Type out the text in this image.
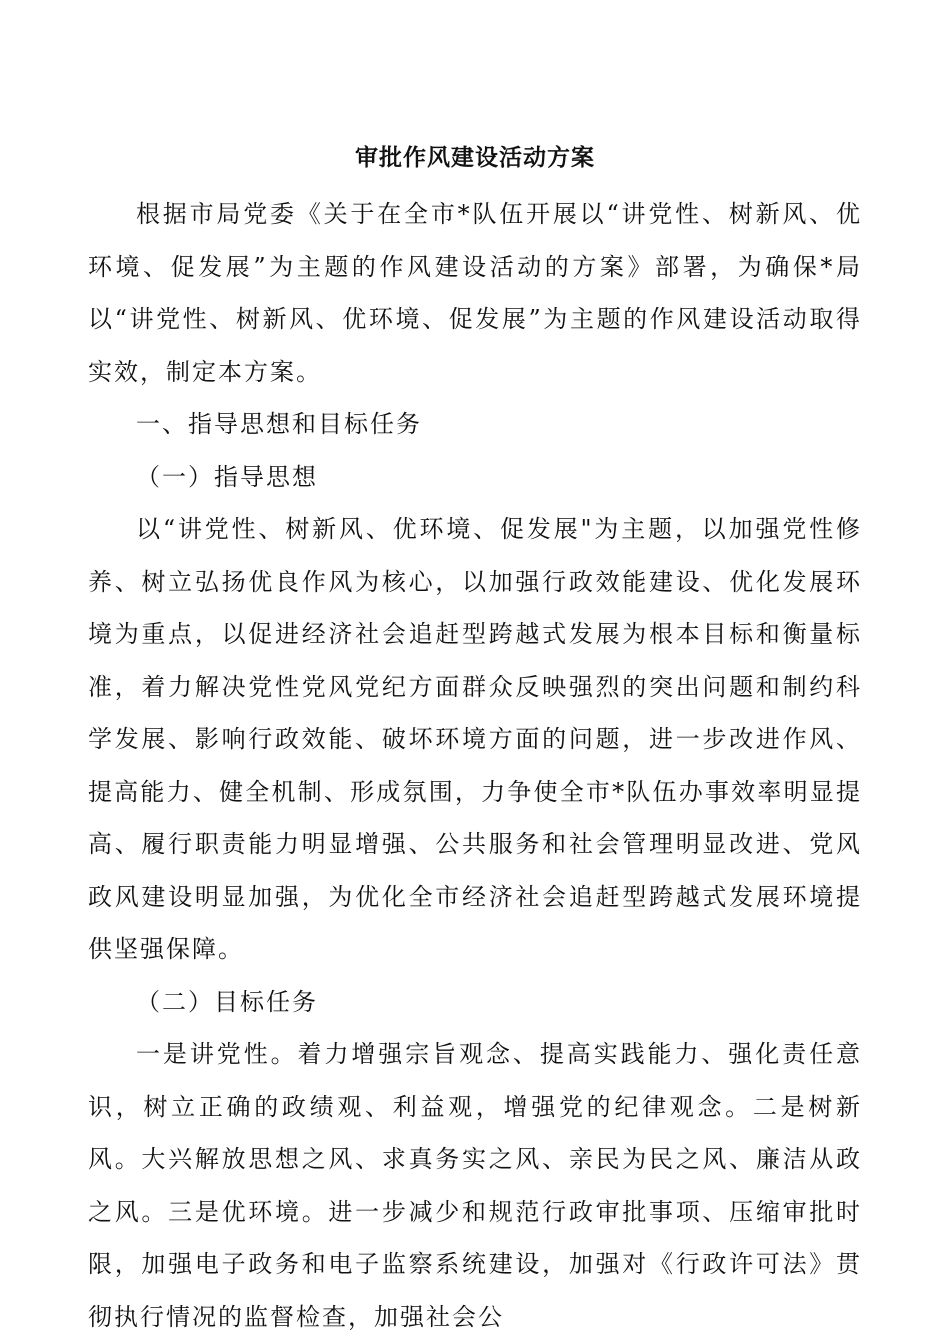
审批作风建设活动方案

根据市局党委《关于在全市*队伍开展以“讲党性、树新风、优环境、促发展”为主题的作风建设活动的方案》部署，为确保*局以“讲党性、树新风、优环境、促发展”为主题的作风建设活动取得实效，制定本方案。

一、指导思想和目标任务

（一）指导思想

以“讲党性、树新风、优环境、促发展"为主题，以加强党性修养、树立弘扬优良作风为核心，以加强行政效能建设、优化发展环境为重点，以促进经济社会追赶型跨越式发展为根本目标和衡量标准，着力解决党性党风党纪方面群众反映强烈的突出问题和制约科学发展、影响行政效能、破坏环境方面的问题，进一步改进作风、提高能力、健全机制、形成氛围，力争使全市*队伍办事效率明显提高、履行职责能力明显增强、公共服务和社会管理明显改进、党风政风建设明显加强，为优化全市经济社会追赶型跨越式发展环境提供坚强保障。

（二）目标任务

一是讲党性。着力增强宗旨观念、提高实践能力、强化责任意识，树立正确的政绩观、利益观，增强党的纪律观念。二是树新风。大兴解放思想之风、求真务实之风、亲民为民之风、廉洁从政之风。三是优环境。进一步减少和规范行政审批事项、压缩审批时限，加强电子政务和电子监察系统建设，加强对《行政许可法》贯彻执行情况的监督检查，加强社会公
